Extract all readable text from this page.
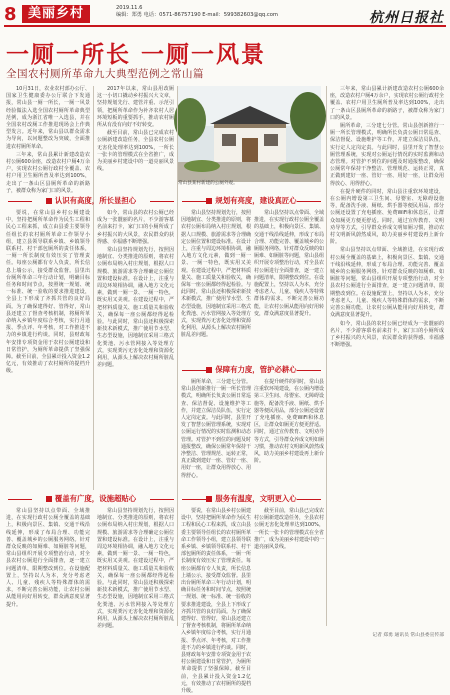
8 美丽乡村	2019.11.6
编辑：郑勇 电话：0571-86757190 E-mail：599382603@qq.com	杭州日报社
一厕一所长 一厕一风景
全国农村厕所革命九大典型范例之常山篇

10月31日，农业农村部办公厅、国家卫生健康委办公厅联合下发通报，常山县一厕一所长，一厕一风景经验做法入选全国农村厕所革命典型范例，成为浙江省唯一入选县，并在全国农村改厕工作推进现场会上作典型发言。近年来，常山县以群众需求为导向，以问题整改为突破，全面推进农村厕所革命。

三年来，常山县累计新建改造农村公厕600余座，改造农村户厕4万余户，实现农村公厕行政村全覆盖、农村户用卫生厕所普及率达到100%，走出了一条山区县厕所革命的新路子，被群众称为家门口的风景。

2017年以来，常山县用改厕这一小切口撬动乡村振兴大文章，坚持规划先行、建管并重、示范引领，把厕所革命作为补齐农村人居环境短板的重要抓手，推动农村厕所从有没有向好不好转变。

截至目前，常山县已完成农村公厕新建改造任务，全县农村公厕无害化处理率达到100%，一所长一张卡的管理模式在全省推广，成为美丽乡村建设中的一道亮丽风景线。

常山县某村新建的公厕外观。
认识有高度，所长显担心	规划有亮度，建设真匠心
保障有力度，管护必耕心
服务有温度，文明更入心
覆盖有广度，设施超贴心

要说，在常山县乡村公厕建设中，坚持把厕所革命作为民生工程和民心工程来抓，成立由县委主要领导任组长的农村厕所革命工作领导小组，建立县领导联系乡镇、乡镇领导联系村、村干部包厕所的责任体系，一厕一所长制度有效压实了管理责任。每座公厕都有专人负责，所长信息上墙公示，接受群众监督。县里出台厕所革命三年行动计划，明确目标任务和时间节点，按照统一规划、统一标准、统一验收的要求推进建设，全县上下形成了齐抓共管的良好局面。为了确保建得好、管得好，常山县还建立了督查考核机制，将厕所革命纳入乡镇年度综合考核，实行月通报、季点评、年考核，对工作推进不力的乡镇进行约谈。同时，县财政每年安排专项资金用于农村公厕建设和日常管护，为厕所革命提供了坚强保障。截至目前，全县累计投入资金1.2亿元，有效推动了农村厕所的提档升级。

如今，常山县的农村公厕已经成为一张靓丽的名片，不少游客慕名前来打卡，家门口的小厕所成了乡村振兴的大风景，农民群众的获得感、幸福感不断增强。

常山县坚持规划先行，按照因地制宜、分类推进的原则，将农村公厕布局纳入村庄规划，根据人口规模、旅游需求等合理确定公厕位置和建设标准。在设计上，注重与周边环境相协调，融入地方文化元素，做到一厕一景、一厕一特色，既实用又美观。在建设过程中，严把材料质量关、施工质量关和验收关，确保每一座公厕都经得起检验。与此同时，常山县还积极探索新技术新模式，推广使用节水型、生态型设施，因地制宜采用三格式化粪池、污水管网接入等处理方式，实现粪污无害化处理和资源化利用，从源头上解决农村厕所脏乱差问题。

常山县坚持规划先行，按照因地制宜、分类推进的原则，将农村公厕布局纳入村庄规划，根据人口规模、旅游需求等合理确定公厕位置和建设标准。在设计上，注重与周边环境相协调，融入地方文化元素，做到一厕一景、一厕一特色，既实用又美观。在建设过程中，严把材料质量关、施工质量关和验收关，确保每一座公厕都经得起检验。与此同时，常山县还积极探索新技术新模式，推广使用节水型、生态型设施，因地制宜采用三格式化粪池、污水管网接入等处理方式，实现粪污无害化处理和资源化利用，从源头上解决农村厕所脏乱差问题。

常山县坚持以点带面、全域推进，在实现行政村公厕全覆盖的基础上，积极向景区、集镇、交通干线沿线延伸，形成了布局合理、功能完善、覆盖城乡的公厕服务网络。针对群众反映的如厕难、如厕脏等问题，常山县组织开展专项整治行动，对全县农村公厕进行全面排查，逐一建立问题清单，限期整改到位。在设施配置上，坚持以人为本，充分考虑老人、儿童、残疾人等特殊群体的需求，不断完善公厕功能，让农村公厕从能用向好用转变，群众满意度显著提升。

厕所革命，三分建七分管。常山县创新推行一厕一所长管理模式，明确所长负责公厕日常巡查、保洁督促、设施维护等工作，并建立保洁员队伍，实行定人定岗定责。与此同时，县里开发了智慧公厕管理系统，实现对公厕运行情况的实时监测和动态管理。对管护不到位的问题及时通报整改，确保公厕常年保持干净整洁、管理规范、运转正常，真正做到建好一座、管好一座、用好一座，让群众用得放心、用得舒心。

在提升硬件的同时，常山县注重软环境建设，在公厕内增设第三卫生间、母婴室、无障碍设施等，配备洗手液、厕纸、烘手器等便民用品，部分公厕还设置了充电插座、免费WiFi和休息区，让群众如厕更方便更舒适。同时，通过宣传教育、文明劝导等方式，引导群众养成文明如厕习惯，推动农村文明新风蔚然成风，助力美丽乡村建设再上新台阶。

三年来，常山县累计新建改造农村公厕600余座，改造农村户厕4万余户，实现农村公厕行政村全覆盖、农村户用卫生厕所普及率达到100%，走出了一条山区县厕所革命的新路子，被群众称为家门口的风景。

厕所革命，三分建七分管。常山县创新推行一厕一所长管理模式，明确所长负责公厕日常巡查、保洁督促、设施维护等工作，并建立保洁员队伍，实行定人定岗定责。与此同时，县里开发了智慧公厕管理系统，实现对公厕运行情况的实时监测和动态管理。对管护不到位的问题及时通报整改，确保公厕常年保持干净整洁、管理规范、运转正常，真正做到建好一座、管好一座、用好一座，让群众用得放心、用得舒心。

在提升硬件的同时，常山县注重软环境建设，在公厕内增设第三卫生间、母婴室、无障碍设施等，配备洗手液、厕纸、烘手器等便民用品，部分公厕还设置了充电插座、免费WiFi和休息区，让群众如厕更方便更舒适。同时，通过宣传教育、文明劝导等方式，引导群众养成文明如厕习惯，推动农村文明新风蔚然成风，助力美丽乡村建设再上新台阶。

常山县坚持以点带面、全域推进，在实现行政村公厕全覆盖的基础上，积极向景区、集镇、交通干线沿线延伸，形成了布局合理、功能完善、覆盖城乡的公厕服务网络。针对群众反映的如厕难、如厕脏等问题，常山县组织开展专项整治行动，对全县农村公厕进行全面排查，逐一建立问题清单，限期整改到位。在设施配置上，坚持以人为本，充分考虑老人、儿童、残疾人等特殊群体的需求，不断完善公厕功能，让农村公厕从能用向好用转变，群众满意度显著提升。

如今，常山县的农村公厕已经成为一张靓丽的名片，不少游客慕名前来打卡，家门口的小厕所成了乡村振兴的大风景，农民群众的获得感、幸福感不断增强。

常山县坚持以点带面、全域推进，在实现行政村公厕全覆盖的基础上，积极向景区、集镇、交通干线沿线延伸，形成了布局合理、功能完善、覆盖城乡的公厕服务网络。针对群众反映的如厕难、如厕脏等问题，常山县组织开展专项整治行动，对全县农村公厕进行全面排查，逐一建立问题清单，限期整改到位。在设施配置上，坚持以人为本，充分考虑老人、儿童、残疾人等特殊群体的需求，不断完善公厕功能，让农村公厕从能用向好用转变，群众满意度显著提升。

常山县坚持规划先行，按照因地制宜、分类推进的原则，将农村公厕布局纳入村庄规划，根据人口规模、旅游需求等合理确定公厕位置和建设标准。在设计上，注重与周边环境相协调，融入地方文化元素，做到一厕一景、一厕一特色，既实用又美观。在建设过程中，严把材料质量关、施工质量关和验收关，确保每一座公厕都经得起检验。与此同时，常山县还积极探索新技术新模式，推广使用节水型、生态型设施，因地制宜采用三格式化粪池、污水管网接入等处理方式，实现粪污无害化处理和资源化利用，从源头上解决农村厕所脏乱差问题。

要说，在常山县乡村公厕建设中，坚持把厕所革命作为民生工程和民心工程来抓，成立由县委主要领导任组长的农村厕所革命工作领导小组，建立县领导联系乡镇、乡镇领导联系村、村干部包厕所的责任体系，一厕一所长制度有效压实了管理责任。每座公厕都有专人负责，所长信息上墙公示，接受群众监督。县里出台厕所革命三年行动计划，明确目标任务和时间节点，按照统一规划、统一标准、统一验收的要求推进建设，全县上下形成了齐抓共管的良好局面。为了确保建得好、管得好，常山县还建立了督查考核机制，将厕所革命纳入乡镇年度综合考核，实行月通报、季点评、年考核，对工作推进不力的乡镇进行约谈。同时，县财政每年安排专项资金用于农村公厕建设和日常管护，为厕所革命提供了坚强保障。截至目前，全县累计投入资金1.2亿元，有效推动了农村厕所的提档升级。

截至目前，常山县已完成农村公厕新建改造任务，全县农村公厕无害化处理率达到100%，一所长一张卡的管理模式在全省推广，成为美丽乡村建设中的一道亮丽风景线。

记者 郑勇 通讯员 常山县委宣传部
